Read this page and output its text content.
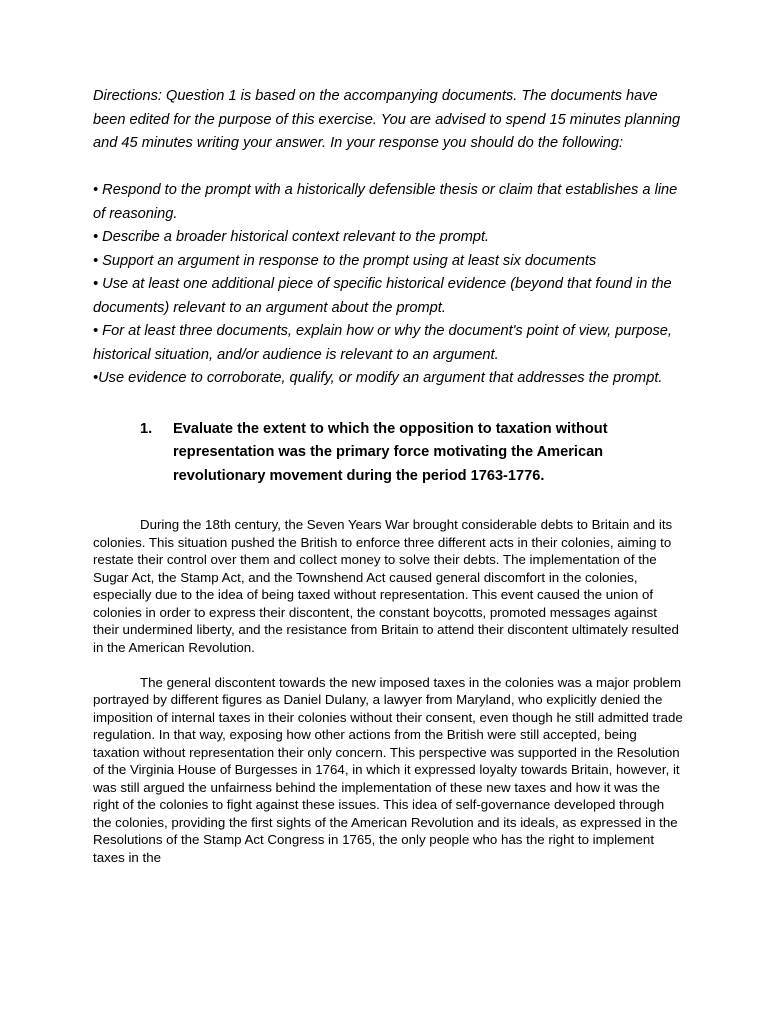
Directions: Question 1 is based on the accompanying documents. The documents have been edited for the purpose of this exercise. You are advised to spend 15 minutes planning and 45 minutes writing your answer. In your response you should do the following:

• Respond to the prompt with a historically defensible thesis or claim that establishes a line of reasoning.
• Describe a broader historical context relevant to the prompt.
• Support an argument in response to the prompt using at least six documents
• Use at least one additional piece of specific historical evidence (beyond that found in the documents) relevant to an argument about the prompt.
• For at least three documents, explain how or why the document's point of view, purpose, historical situation, and/or audience is relevant to an argument.
•Use evidence to corroborate, qualify, or modify an argument that addresses the prompt.
1.	Evaluate the extent to which the opposition to taxation without representation was the primary force motivating the American revolutionary movement during the period 1763-1776.

During the 18th century, the Seven Years War brought considerable debts to Britain and its colonies. This situation pushed the British to enforce three different acts in their colonies, aiming to restate their control over them and collect money to solve their debts. The implementation of the Sugar Act, the Stamp Act, and the Townshend Act caused general discomfort in the colonies, especially due to the idea of being taxed without representation. This event caused the union of colonies in order to express their discontent, the constant boycotts, promoted messages against their undermined liberty, and the resistance from Britain to attend their discontent ultimately resulted in the American Revolution.

The general discontent towards the new imposed taxes in the colonies was a major problem portrayed by different figures as Daniel Dulany, a lawyer from Maryland, who explicitly denied the imposition of internal taxes in their colonies without their consent, even though he still admitted trade regulation. In that way, exposing how other actions from the British were still accepted, being taxation without representation their only concern. This perspective was supported in the Resolution of the Virginia House of Burgesses in 1764, in which it expressed loyalty towards Britain, however, it was still argued the unfairness behind the implementation of these new taxes and how it was the right of the colonies to fight against these issues. This idea of self-governance developed through the colonies, providing the first sights of the American Revolution and its ideals, as expressed in the Resolutions of the Stamp Act Congress in 1765, the only people who has the right to implement taxes in the
